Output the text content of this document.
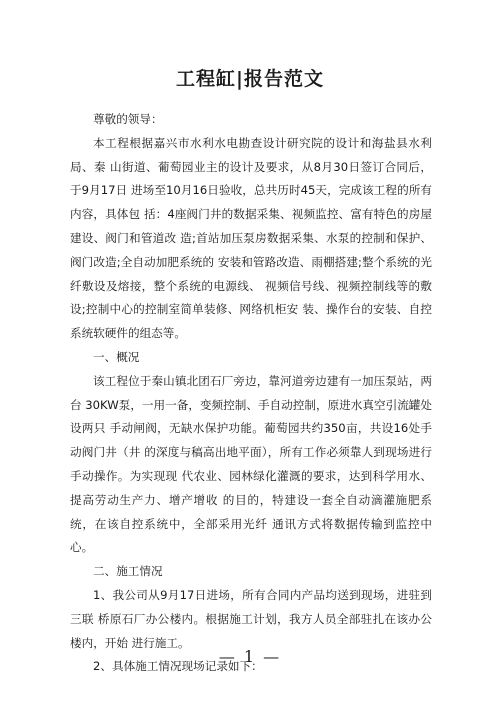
工程缸|报告范文

尊敬的领导：

本工程根据嘉兴市水利水电勘查设计研究院的设计和海盐县水利局、秦 山街道、葡萄园业主的设计及要求，从8月30日签订合同后，于9月17日 进场至10月16日验收，总共历时45天，完成该工程的所有内容，具体包 括：4座阀门井的数据采集、视频监控、富有特色的房屋建设、阀门和管道改 造;首站加压泵房数据采集、水泵的控制和保护、阀门改造;全自动加肥系统的 安装和管路改造、雨棚搭建;整个系统的光纤敷设及熔接，整个系统的电源线、 视频信号线、视频控制线等的敷设;控制中心的控制室简单装修、网络机柜安 装、操作台的安装、自控系统软硬件的组态等。

一、概况

该工程位于秦山镇北团石厂旁边，靠河道旁边建有一加压泵站，两台 30KW泵，一用一备，变频控制、手自动控制，原进水真空引流罐处设两只 手动闸阀，无缺水保护功能。葡萄园共约350亩，共设16处手动阀门井（井 的深度与稿高出地平面），所有工作必须靠人到现场进行手动操作。为实现现 代农业、园林绿化灌溉的要求，达到科学用水、提高劳动生产力、增产增收 的目的，特建设一套全自动滴灌施肥系统，在该自控系统中，全部采用光纤 通讯方式将数据传输到监控中心。

二、施工情况

1、我公司从9月17日进场，所有合同内产品均送到现场，进驻到三联 桥原石厂办公楼内。根据施工计划，我方人员全部驻扎在该办公楼内，开始 进行施工。

2、具体施工情况现场记录如下：

— 1 —
